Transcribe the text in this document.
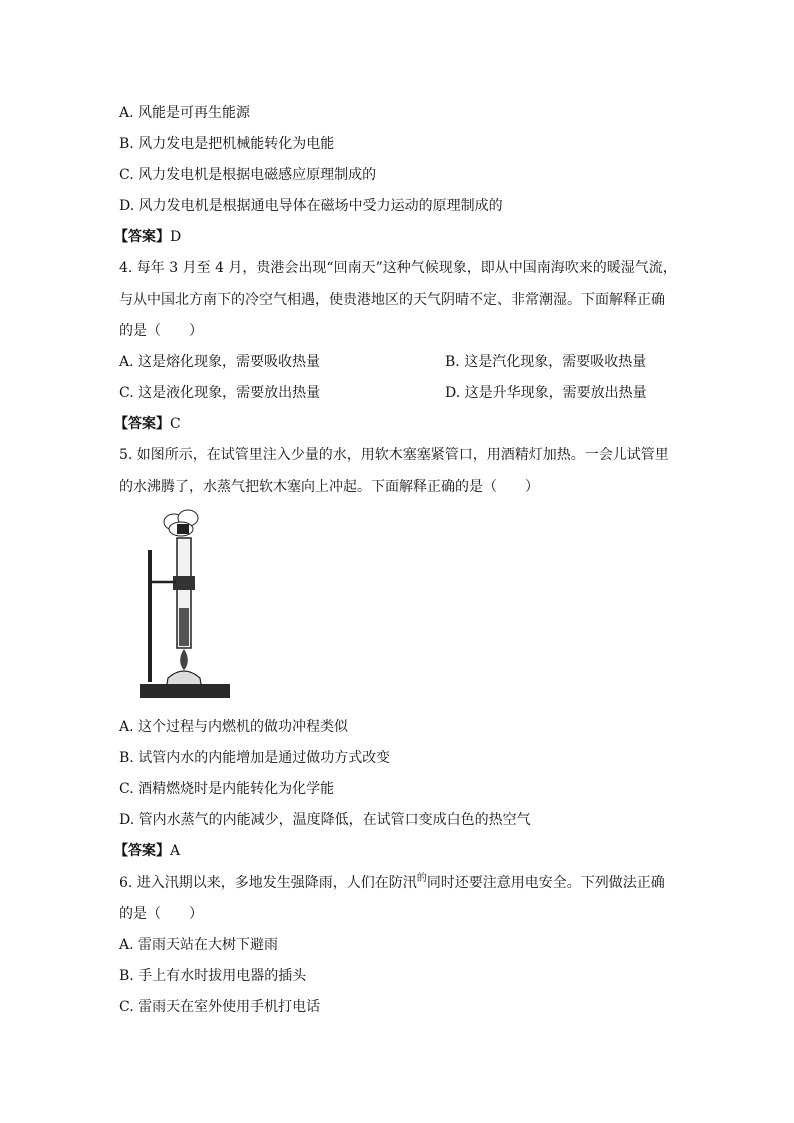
A. 风能是可再生能源
B. 风力发电是把机械能转化为电能
C. 风力发电机是根据电磁感应原理制成的
D. 风力发电机是根据通电导体在磁场中受力运动的原理制成的
【答案】D
4. 每年 3 月至 4 月，贵港会出现“回南天”这种气候现象，即从中国南海吹来的暖湿气流，
与从中国北方南下的冷空气相遇，使贵港地区的天气阴晴不定、非常潮湿。下面解释正确
的是（　　）
A. 这是熔化现象，需要吸收热量	B. 这是汽化现象，需要吸收热量
C. 这是液化现象，需要放出热量	D. 这是升华现象，需要放出热量
【答案】C
5. 如图所示，在试管里注入少量的水，用软木塞塞紧管口，用酒精灯加热。一会儿试管里
的水沸腾了，水蒸气把软木塞向上冲起。下面解释正确的是（　　）
A. 这个过程与内燃机的做功冲程类似
B. 试管内水的内能增加是通过做功方式改变
C. 酒精燃烧时是内能转化为化学能
D. 管内水蒸气的内能减少，温度降低，在试管口变成白色的热空气
【答案】A
6. 进入汛期以来，多地发生强降雨，人们在防汛$^的$同时还要注意用电安全。下列做法正确
的是（　　）
A. 雷雨天站在大树下避雨
B. 手上有水时拔用电器的插头
C. 雷雨天在室外使用手机打电话
